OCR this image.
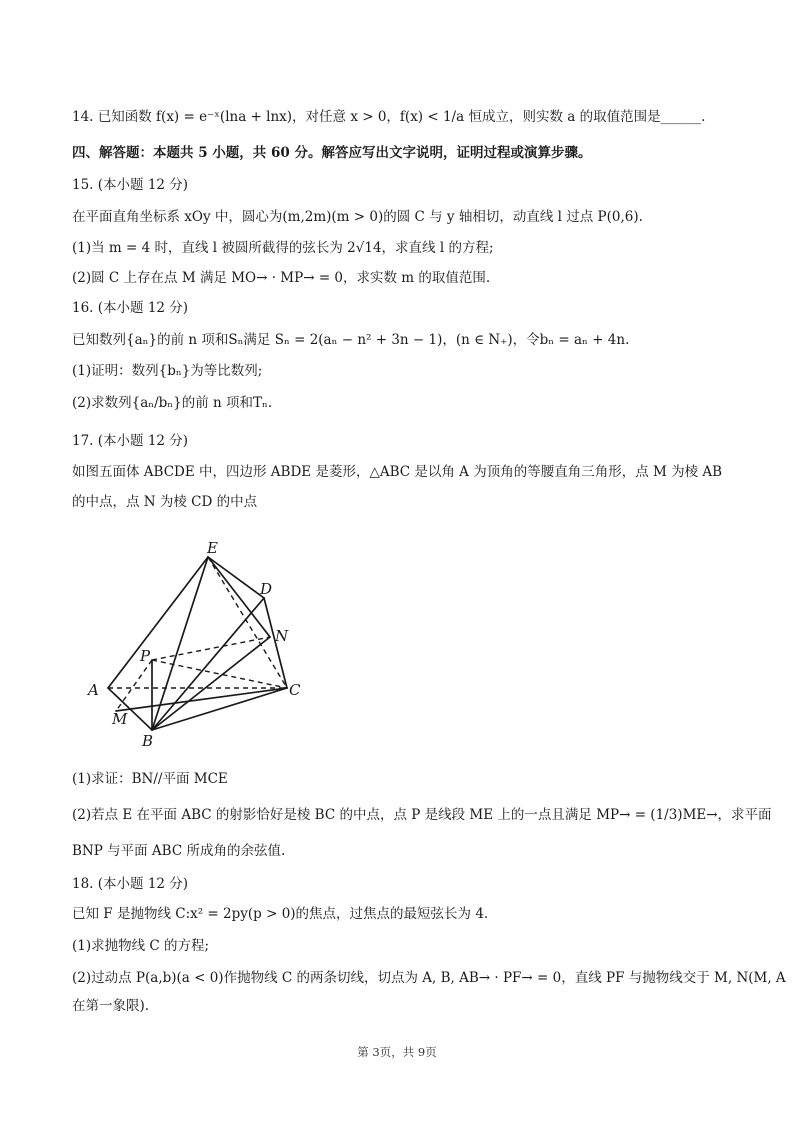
14. 已知函数 f(x) = e⁻ˣ(lna + lnx)，对任意 x > 0，f(x) < 1/a 恒成立，则实数 a 的取值范围是______.
四、解答题：本题共 5 小题，共 60 分。解答应写出文字说明，证明过程或演算步骤。
15. (本小题 12 分)
在平面直角坐标系 xOy 中，圆心为(m,2m)(m > 0)的圆 C 与 y 轴相切，动直线 l 过点 P(0,6).
(1)当 m = 4 时，直线 l 被圆所截得的弦长为 2√14，求直线 l 的方程;
(2)圆 C 上存在点 M 满足 MO→ · MP→ = 0，求实数 m 的取值范围.
16. (本小题 12 分)
已知数列{aₙ}的前 n 项和Sₙ满足 Sₙ = 2(aₙ − n² + 3n − 1)，(n ∈ N₊)，令bₙ = aₙ + 4n.
(1)证明：数列{bₙ}为等比数列;
(2)求数列{aₙ/bₙ}的前 n 项和Tₙ.
17. (本小题 12 分)
如图五面体 ABCDE 中，四边形 ABDE 是菱形，△ABC 是以角 A 为顶角的等腰直角三角形，点 M 为棱 AB
的中点，点 N 为棱 CD 的中点
E
D
N
P
A	C
M
B
(1)求证：BN//平面 MCE
(2)若点 E 在平面 ABC 的射影恰好是棱 BC 的中点，点 P 是线段 ME 上的一点且满足 MP→ = (1/3)ME→，求平面
BNP 与平面 ABC 所成角的余弦值.
18. (本小题 12 分)
已知 F 是抛物线 C:x² = 2py(p > 0)的焦点，过焦点的最短弦长为 4.
(1)求抛物线 C 的方程;
(2)过动点 P(a,b)(a < 0)作抛物线 C 的两条切线，切点为 A, B, AB→ · PF→ = 0，直线 PF 与抛物线交于 M, N(M, A
在第一象限).
第 3页，共 9页
